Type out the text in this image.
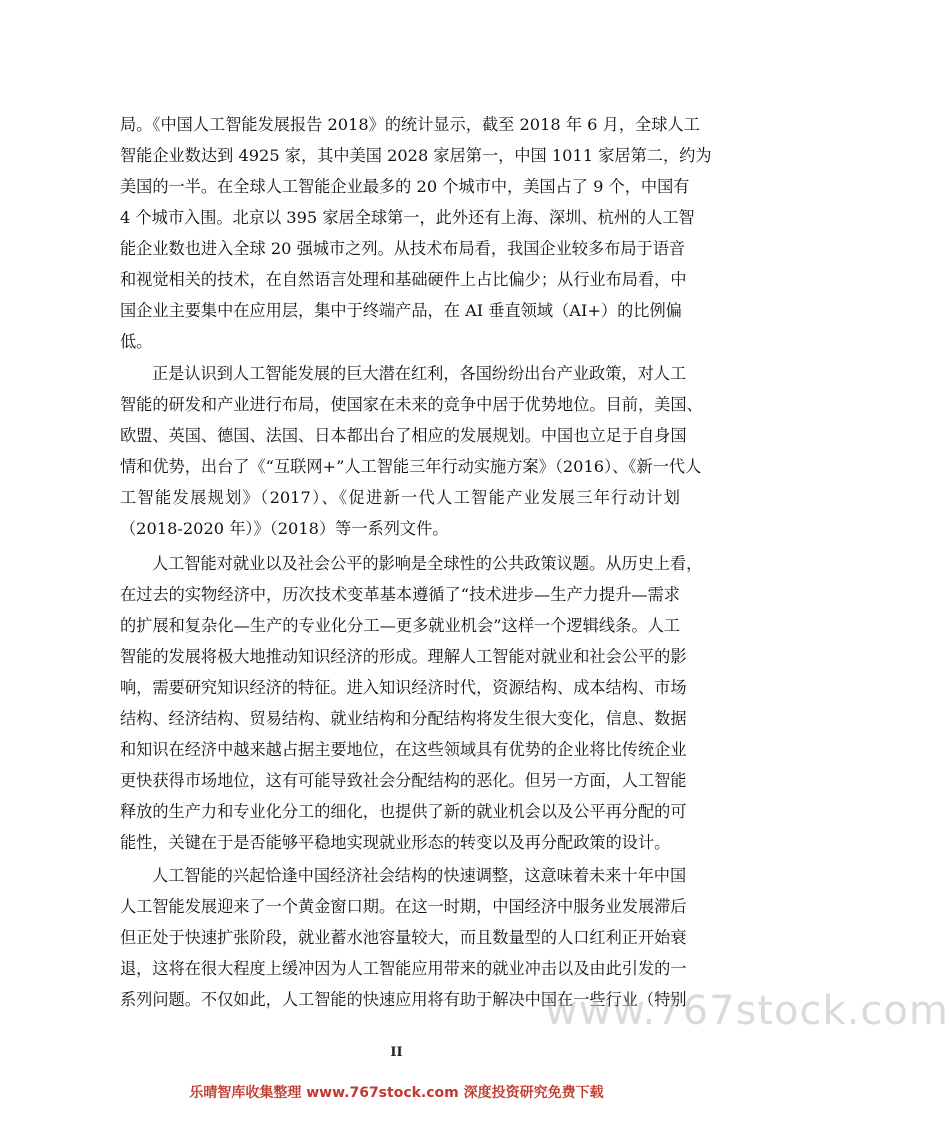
局。《中国人工智能发展报告 2018》的统计显示，截至 2018 年 6 月，全球人工
智能企业数达到 4925 家，其中美国 2028 家居第一，中国 1011 家居第二，约为
美国的一半。在全球人工智能企业最多的 20 个城市中，美国占了 9 个，中国有
4 个城市入围。北京以 395 家居全球第一，此外还有上海、深圳、杭州的人工智
能企业数也进入全球 20 强城市之列。从技术布局看，我国企业较多布局于语音
和视觉相关的技术，在自然语言处理和基础硬件上占比偏少；从行业布局看，中
国企业主要集中在应用层，集中于终端产品，在 AI 垂直领域（AI+）的比例偏
低。
正是认识到人工智能发展的巨大潜在红利，各国纷纷出台产业政策，对人工
智能的研发和产业进行布局，使国家在未来的竞争中居于优势地位。目前，美国、
欧盟、英国、德国、法国、日本都出台了相应的发展规划。中国也立足于自身国
情和优势，出台了《“互联网+”人工智能三年行动实施方案》（2016）、《新一代人
工智能发展规划》（2017）、《促进新一代人工智能产业发展三年行动计划
（2018-2020 年）》（2018）等一系列文件。
人工智能对就业以及社会公平的影响是全球性的公共政策议题。从历史上看，
在过去的实物经济中，历次技术变革基本遵循了“技术进步—生产力提升—需求
的扩展和复杂化—生产的专业化分工—更多就业机会”这样一个逻辑线条。人工
智能的发展将极大地推动知识经济的形成。理解人工智能对就业和社会公平的影
响，需要研究知识经济的特征。进入知识经济时代，资源结构、成本结构、市场
结构、经济结构、贸易结构、就业结构和分配结构将发生很大变化，信息、数据
和知识在经济中越来越占据主要地位，在这些领域具有优势的企业将比传统企业
更快获得市场地位，这有可能导致社会分配结构的恶化。但另一方面，人工智能
释放的生产力和专业化分工的细化，也提供了新的就业机会以及公平再分配的可
能性，关键在于是否能够平稳地实现就业形态的转变以及再分配政策的设计。
人工智能的兴起恰逢中国经济社会结构的快速调整，这意味着未来十年中国
人工智能发展迎来了一个黄金窗口期。在这一时期，中国经济中服务业发展滞后
但正处于快速扩张阶段，就业蓄水池容量较大，而且数量型的人口红利正开始衰
退，这将在很大程度上缓冲因为人工智能应用带来的就业冲击以及由此引发的一
系列问题。不仅如此，人工智能的快速应用将有助于解决中国在一些行业（特别
www.767stock.com
II
乐晴智库收集整理 www.767stock.com 深度投资研究免费下载
